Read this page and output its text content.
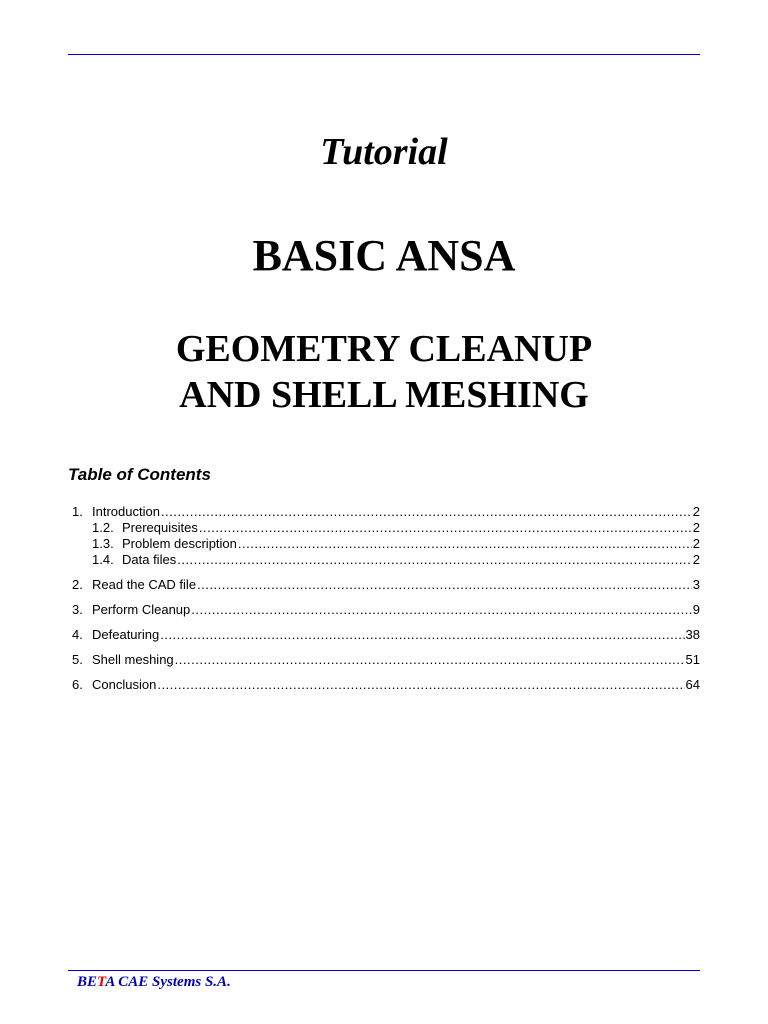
Tutorial
BASIC ANSA
GEOMETRY CLEANUP
AND SHELL MESHING
Table of Contents
1. Introduction .....	2
1.2. Prerequisites .....	2
1.3. Problem description .....	2
1.4. Data files .....	2
2. Read the CAD file .....	3
3. Perform Cleanup .....	9
4. Defeaturing .....	38
5. Shell meshing .....	51
6. Conclusion .....	64
BETA CAE Systems S.A.
